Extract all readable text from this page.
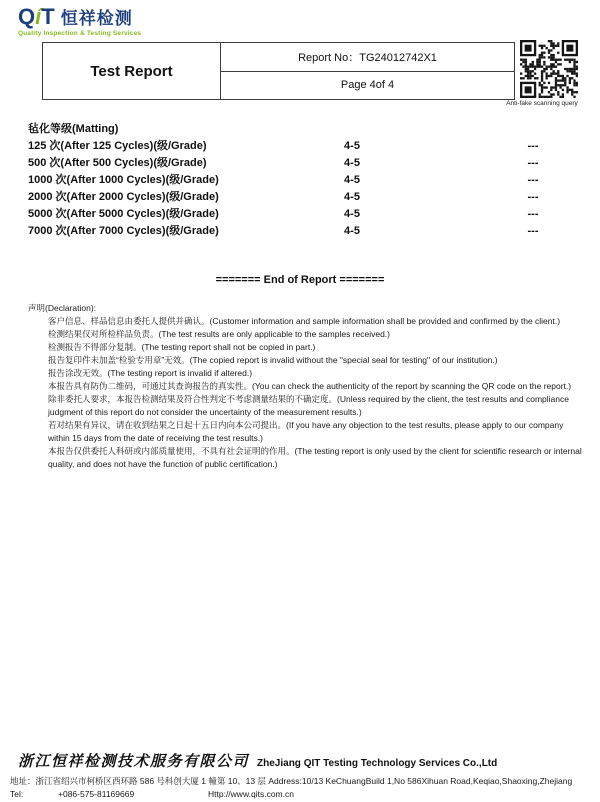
QíT 恒祥检测
Quality Inspection & Testing Services
Test Report
Report No：TG24012742X1
Page 4of 4
Anti-fake scanning query
毡化等级(Matting)
125 次(After 125 Cycles)(级/Grade)	4-5	---
500 次(After 500 Cycles)(级/Grade)	4-5	---
1000 次(After 1000 Cycles)(级/Grade)	4-5	---
2000 次(After 2000 Cycles)(级/Grade)	4-5	---
5000 次(After 5000 Cycles)(级/Grade)	4-5	---
7000 次(After 7000 Cycles)(级/Grade)	4-5	---
======= End of Report =======
声明(Declaration):
客户信息、样品信息由委托人提供并确认。(Customer information and sample information shall be provided and confirmed by the client.)
检测结果仅对所检样品负责。(The test results are only applicable to the samples received.)
检测报告不得部分复制。(The testing report shall not be copied in part.)
报告复印件未加盖“检验专用章”无效。(The copied report is invalid without the "special seal for testing" of our institution.)
报告涂改无效。(The testing report is invalid if altered.)
本报告具有防伪二维码，可通过其查询报告的真实性。(You can check the authenticity of the report by scanning the QR code on the report.)
除非委托人要求，本报告检测结果及符合性判定不考虑测量结果的不确定度。(Unless required by the client, the test results and compliance judgment of this report do not consider the uncertainty of the measurement results.)
若对结果有异议，请在收到结果之日起十五日内向本公司提出。(If you have any objection to the test results, please apply to our company within 15 days from the date of receiving the test results.)
本报告仅供委托人科研或内部质量使用，不具有社会证明的作用。(The testing report is only used by the client for scientific research or internal quality, and does not have the function of public certification.)
浙江恒祥检测技术服务有限公司 ZheJiang QIT Testing Technology Services Co.,Ltd
地址：浙江省绍兴市柯桥区西环路 586 号科创大厦 1 幢第 10、13 层 Address:10/13 KeChuangBuild 1,No 586Xihuan Road,Keqiao,Shaoxing,Zhejiang
Tel:	+086-575-81169669	Http://www.qits.com.cn
